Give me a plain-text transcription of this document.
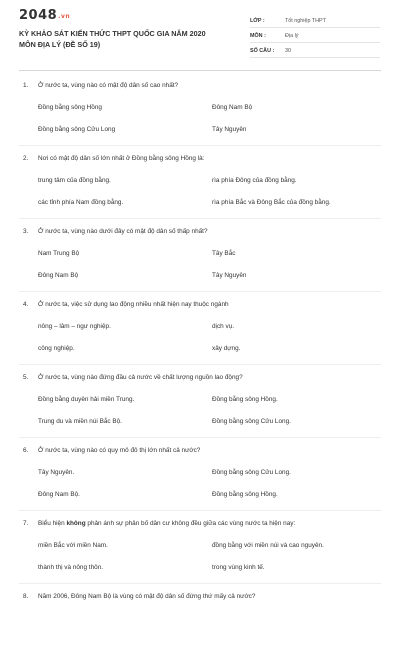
2048.vn
KỲ KHẢO SÁT KIẾN THỨC THPT QUỐC GIA NĂM 2020
MÔN ĐỊA LÝ (ĐỀ SỐ 19)
LỚP :	Tốt nghiệp THPT
MÔN :	Địa lý
SỐ CÂU :	30
1. Ở nước ta, vùng nào có mật độ dân số cao nhất?
Đồng bằng sông Hồng	Đông Nam Bộ
Đồng bằng sông Cửu Long	Tây Nguyên
2. Nơi có mật độ dân số lớn nhất ở Đồng bằng sông Hồng là:
trung tâm của đồng bằng.	rìa phía Đông của đồng bằng.
các tỉnh phía Nam đồng bằng.	rìa phía Bắc và Đông Bắc của đồng bằng.
3. Ở nước ta, vùng nào dưới đây có mật độ dân số thấp nhất?
Nam Trung Bộ	Tây Bắc
Đông Nam Bộ	Tây Nguyên
4. Ở nước ta, việc sử dụng lao động nhiều nhất hiện nay thuộc ngành
nông – lâm – ngư nghiệp.	dịch vụ.
công nghiệp.	xây dựng.
5. Ở nước ta, vùng nào đứng đầu cả nước về chất lượng nguồn lao động?
Đồng bằng duyên hải miền Trung.	Đồng bằng sông Hồng.
Trung du và miền núi Bắc Bộ.	Đồng bằng sông Cửu Long.
6. Ở nước ta, vùng nào có quy mô đô thị lớn nhất cả nước?
Tây Nguyên.	Đồng bằng sông Cửu Long.
Đông Nam Bộ.	Đồng bằng sông Hồng.
7. Biểu hiện không phản ánh sự phân bố dân cư không đều giữa các vùng nước ta hiện nay:
miền Bắc với miền Nam.	đồng bằng với miền núi và cao nguyên.
thành thị và nông thôn.	trong vùng kinh tế.
8. Năm 2006, Đông Nam Bộ là vùng có mật độ dân số đứng thứ mấy cả nước?
